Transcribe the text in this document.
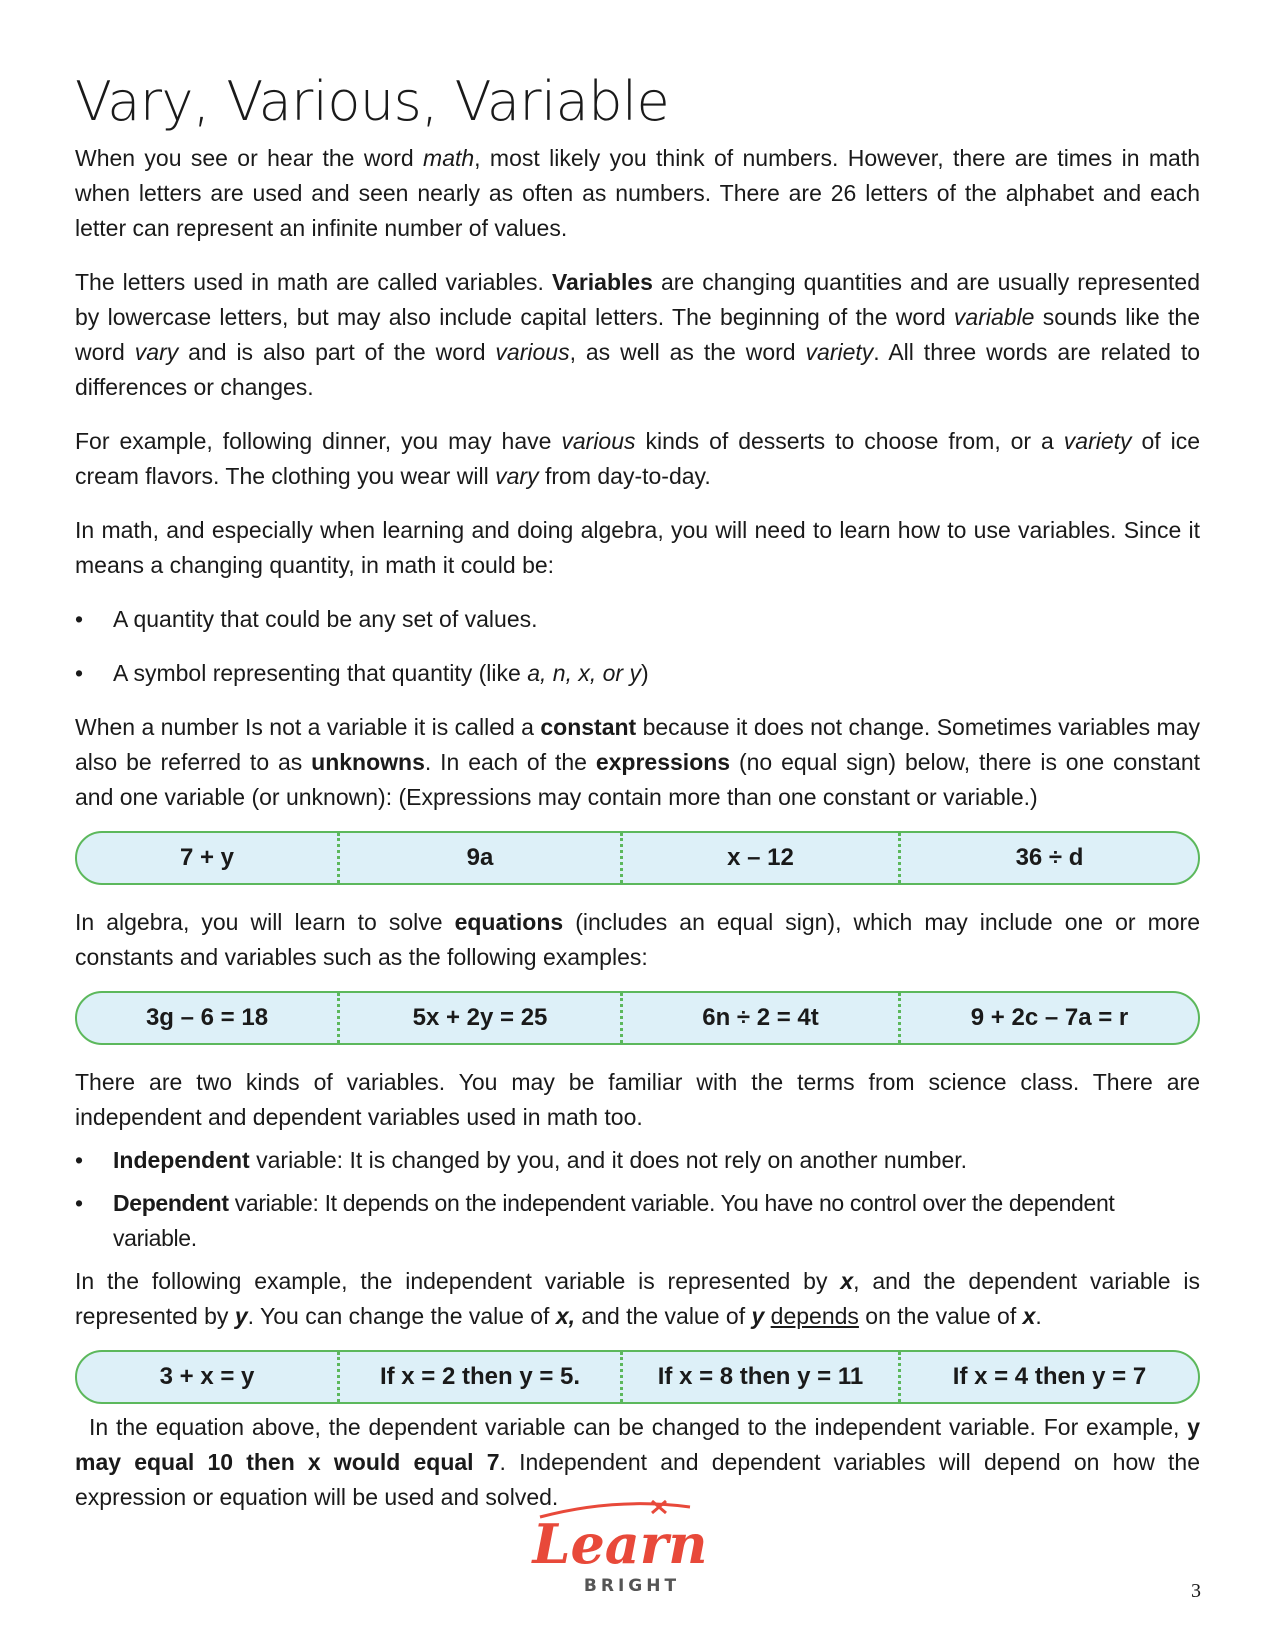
Vary, Various, Variable

When you see or hear the word math, most likely you think of numbers. However, there are times in math when letters are used and seen nearly as often as numbers. There are 26 letters of the alphabet and each letter can represent an infinite number of values.

The letters used in math are called variables. Variables are changing quantities and are usually represented by lowercase letters, but may also include capital letters. The beginning of the word variable sounds like the word vary and is also part of the word various, as well as the word variety. All three words are related to differences or changes.

For example, following dinner, you may have various kinds of desserts to choose from, or a variety of ice cream flavors. The clothing you wear will vary from day-to-day.

In math, and especially when learning and doing algebra, you will need to learn how to use variables. Since it means a changing quantity, in math it could be:

•	A quantity that could be any set of values.
•	A symbol representing that quantity (like a, n, x, or y)

When a number Is not a variable it is called a constant because it does not change. Sometimes variables may also be referred to as unknowns. In each of the expressions (no equal sign) below, there is one constant and one variable (or unknown): (Expressions may contain more than one constant or variable.)

7 + y	9a	x – 12	36 ÷ d

In algebra, you will learn to solve equations (includes an equal sign), which may include one or more constants and variables such as the following examples:

3g – 6 = 18	5x + 2y = 25	6n ÷ 2 = 4t	9 + 2c – 7a = r

There are two kinds of variables. You may be familiar with the terms from science class. There are independent and dependent variables used in math too.

•	Independent variable: It is changed by you, and it does not rely on another number.
•	Dependent variable: It depends on the independent variable. You have no control over the dependent variable.

In the following example, the independent variable is represented by x, and the dependent variable is represented by y. You can change the value of x, and the value of y depends on the value of x.

3 + x = y	If x = 2 then y = 5.	If x = 8 then y = 11	If x = 4 then y = 7

In the equation above, the dependent variable can be changed to the independent variable. For example, y may equal 10 then x would equal 7. Independent and dependent variables will depend on how the expression or equation will be used and solved.

Learn
BRIGHT	3
